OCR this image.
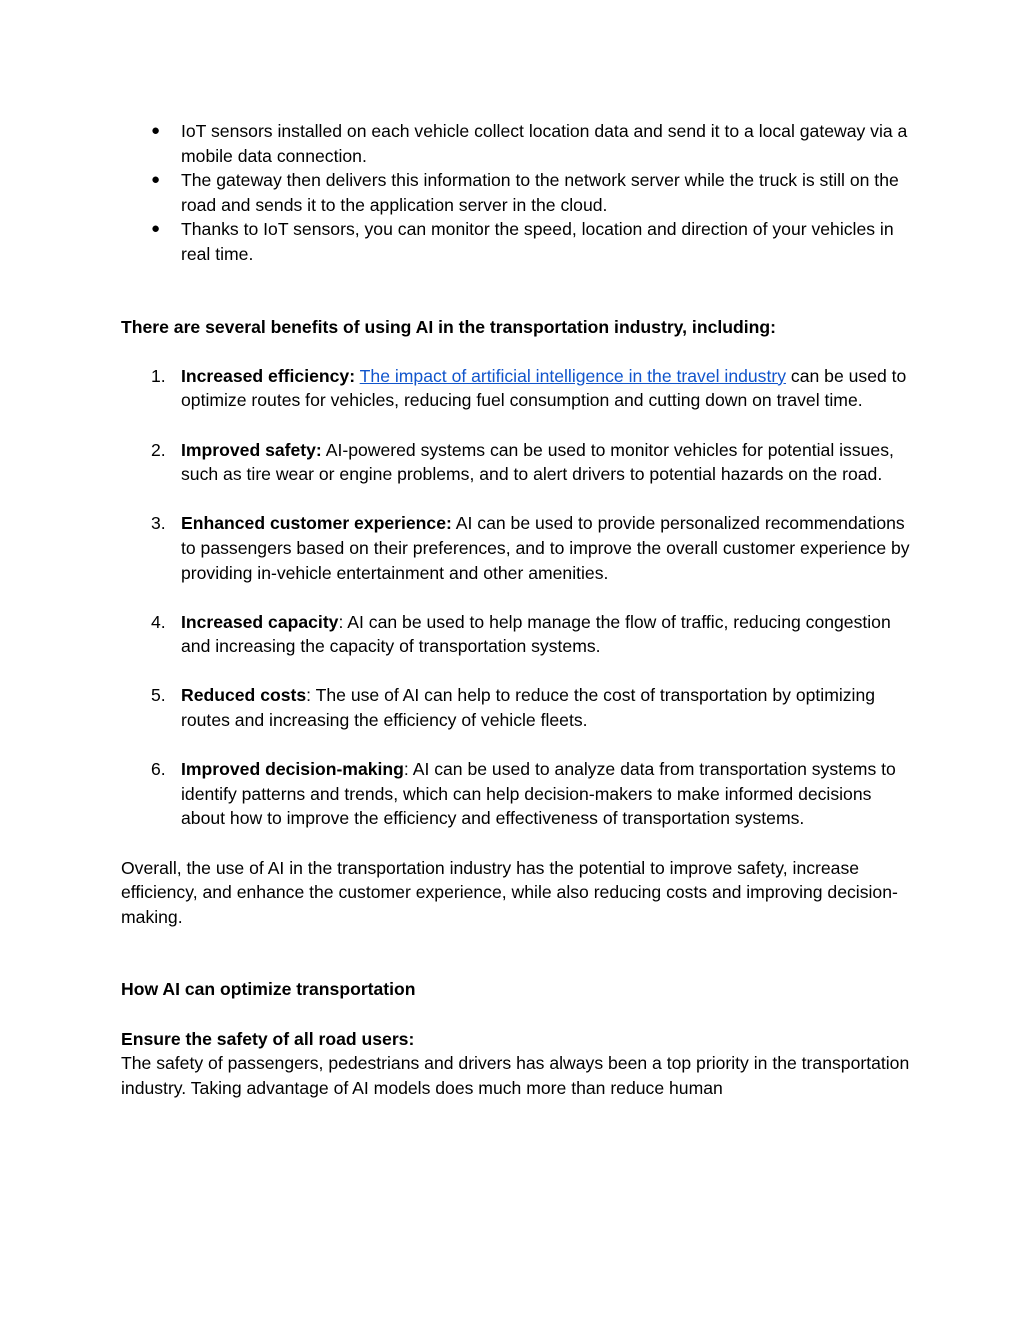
● IoT sensors installed on each vehicle collect location data and send it to a local gateway via a mobile data connection.
● The gateway then delivers this information to the network server while the truck is still on the road and sends it to the application server in the cloud.
● Thanks to IoT sensors, you can monitor the speed, location and direction of your vehicles in real time.

There are several benefits of using AI in the transportation industry, including:

1. Increased efficiency: The impact of artificial intelligence in the travel industry can be used to optimize routes for vehicles, reducing fuel consumption and cutting down on travel time.
2. Improved safety: AI-powered systems can be used to monitor vehicles for potential issues, such as tire wear or engine problems, and to alert drivers to potential hazards on the road.
3. Enhanced customer experience: AI can be used to provide personalized recommendations to passengers based on their preferences, and to improve the overall customer experience by providing in-vehicle entertainment and other amenities.
4. Increased capacity: AI can be used to help manage the flow of traffic, reducing congestion and increasing the capacity of transportation systems.
5. Reduced costs: The use of AI can help to reduce the cost of transportation by optimizing routes and increasing the efficiency of vehicle fleets.
6. Improved decision-making: AI can be used to analyze data from transportation systems to identify patterns and trends, which can help decision-makers to make informed decisions about how to improve the efficiency and effectiveness of transportation systems.

Overall, the use of AI in the transportation industry has the potential to improve safety, increase efficiency, and enhance the customer experience, while also reducing costs and improving decision-making.

How AI can optimize transportation

Ensure the safety of all road users:

The safety of passengers, pedestrians and drivers has always been a top priority in the transportation industry. Taking advantage of AI models does much more than reduce human
